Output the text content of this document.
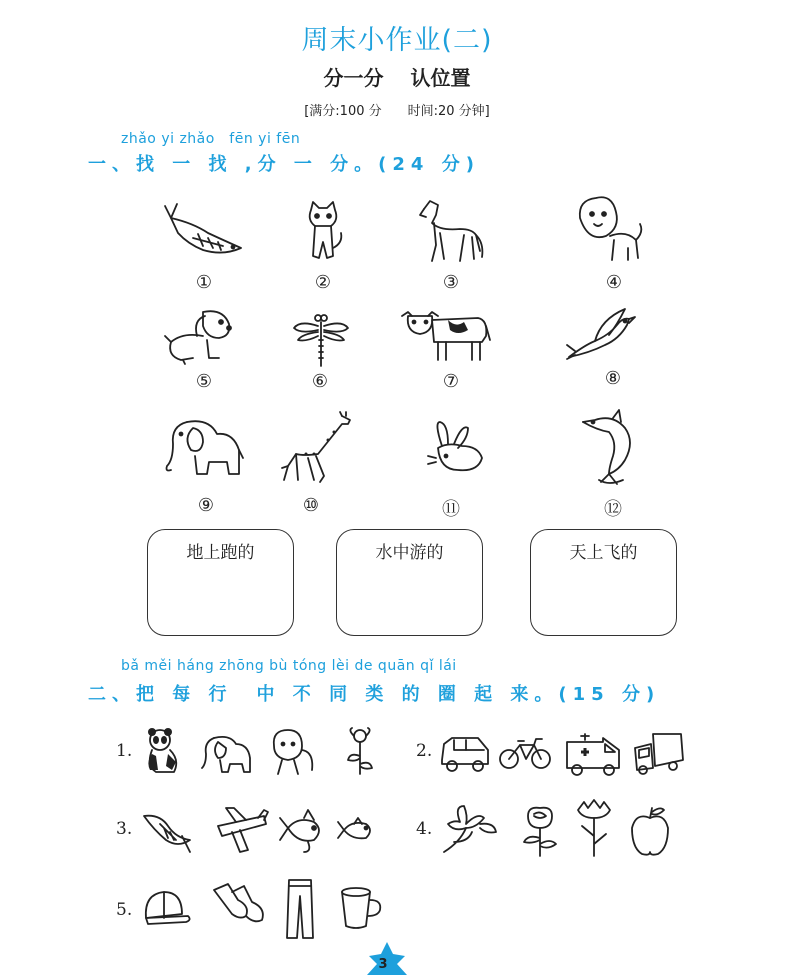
周末小作业(二)
分一分 认位置
[满分:100 分　　时间:20 分钟]
zhǎo yi zhǎo　fēn yi fēn
一、找 一 找 ,分 一 分。(24 分)
①	②	③	④
⑤	⑥	⑦	⑧
⑨	⑩	⑪	⑫
地上跑的	水中游的	天上飞的
bǎ měi háng zhōng bù tóng lèi de quān qǐ lái
二、把 每 行　中 不 同 类 的 圈 起 来。(15 分)
1.	2.
3.	4.
5.
3
